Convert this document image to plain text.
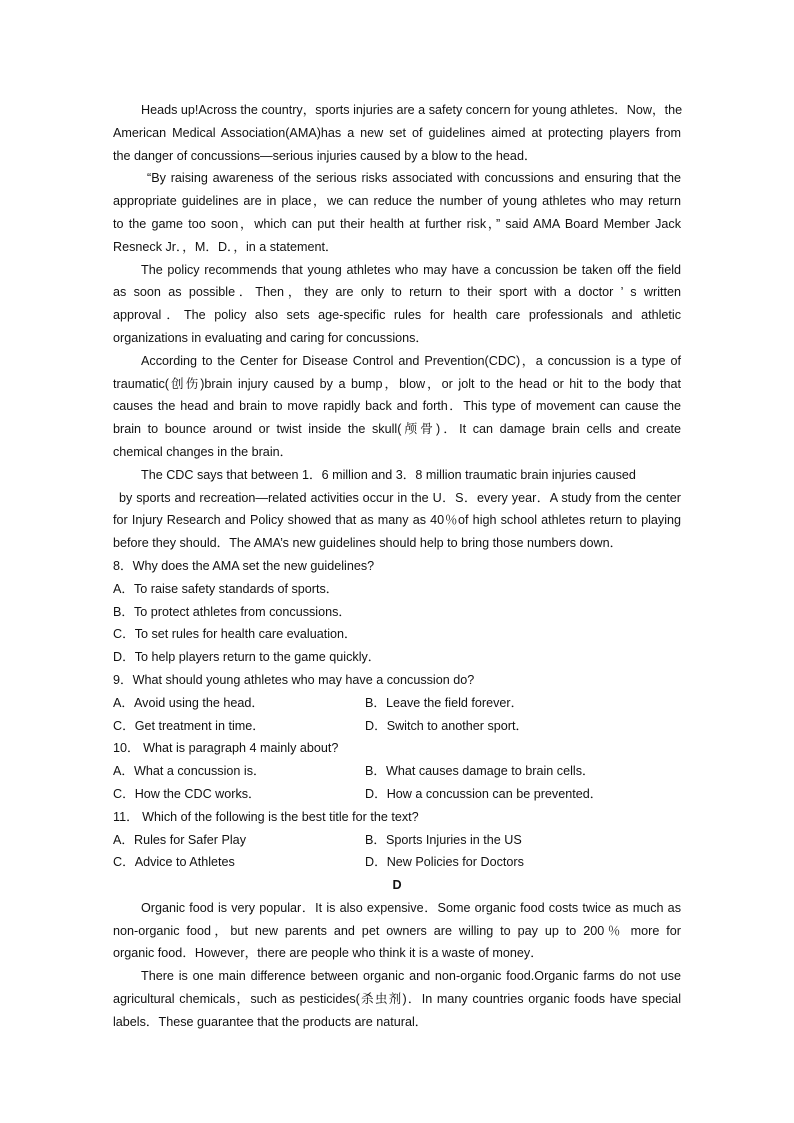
Heads up!Across the country，sports injuries are a safety concern for young athletes．Now，the
American Medical Association(AMA)has a new set of guidelines aimed at protecting players from
the danger of concussions—serious injuries caused by a blow to the head．
“By raising awareness of the serious risks associated with concussions and ensuring that the
appropriate guidelines are in place，we can reduce the number of young athletes who may return
to the game too soon，which can put their health at further risk，” said AMA Board Member Jack
Resneck Jr．，M．D．，in a statement．
The policy recommends that young athletes who may have a concussion be taken off the field
as soon as possible．Then，they are only to return to their sport with a doctor ’ s written
approval．The policy also sets age-specific rules for health care professionals and athletic
organizations in evaluating and caring for concussions．
According to the Center for Disease Control and Prevention(CDC)，a concussion is a type of
traumatic(创伤)brain injury caused by a bump，blow，or jolt to the head or hit to the body that
causes the head and brain to move rapidly back and forth．This type of movement can cause the
brain to bounce around or twist inside the skull(颅骨)．It can damage brain cells and create
chemical changes in the brain．
The CDC says that between 1．6 million and 3．8 million traumatic brain injuries caused
by sports and recreation—related activities occur in the U．S．every year．A study from the center
for Injury Research and Policy showed that as many as 40％of high school athletes return to playing
before they should．The AMA’s new guidelines should help to bring those numbers down．
8．Why does the AMA set the new guidelines?
A．To raise safety standards of sports．
B．To protect athletes from concussions．
C．To set rules for health care evaluation．
D．To help players return to the game quickly．
9．What should young athletes who may have a concussion do?
A．Avoid using the head．	B．Leave the field forever．
C．Get treatment in time．	D．Switch to another sport．
10． What is paragraph 4 mainly about?
A．What a concussion is．	B．What causes damage to brain cells．
C．How the CDC works．	D．How a concussion can be prevented．
11． Which of the following is the best title for the text?
A．Rules for Safer Play	B．Sports Injuries in the US
C．Advice to Athletes	D．New Policies for Doctors
D
Organic food is very popular．It is also expensive．Some organic food costs twice as much as
non-organic food，but new parents and pet owners are willing to pay up to 200％ more for
organic food．However，there are people who think it is a waste of money．
There is one main difference between organic and non-organic food.Organic farms do not use
agricultural chemicals，such as pesticides(杀虫剂)．In many countries organic foods have special
labels．These guarantee that the products are natural．
